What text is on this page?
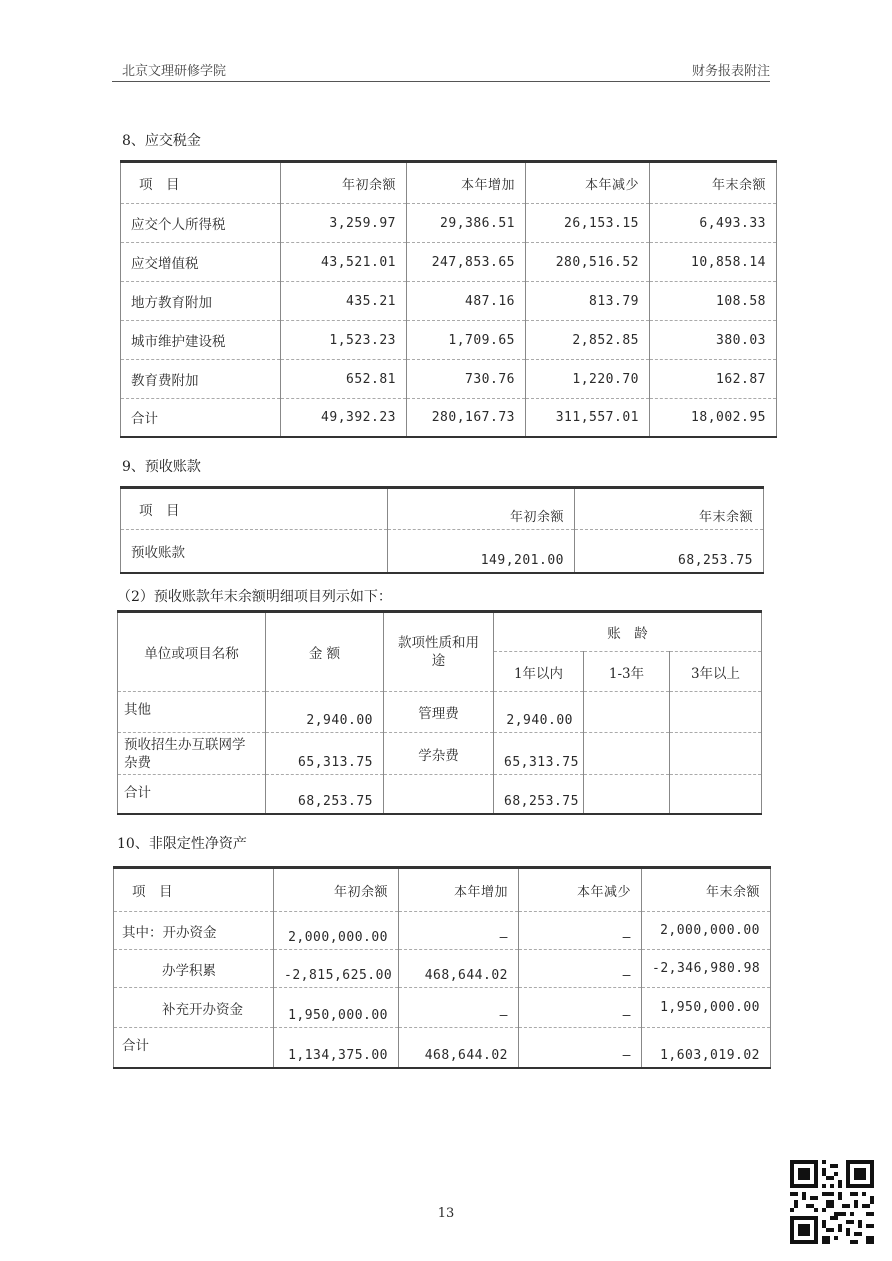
北京文理研修学院	财务报表附注
8、应交税金
项　目	年初余额	本年增加	本年减少	年末余额
应交个人所得税	3,259.97	29,386.51	26,153.15	6,493.33
应交增值税	43,521.01	247,853.65	280,516.52	10,858.14
地方教育附加	435.21	487.16	813.79	108.58
城市维护建设税	1,523.23	1,709.65	2,852.85	380.03
教育费附加	652.81	730.76	1,220.70	162.87
合计	49,392.23	280,167.73	311,557.01	18,002.95
9、预收账款
项　目	年初余额	年末余额
预收账款	149,201.00	68,253.75
（2）预收账款年末余额明细项目列示如下：
单位或项目名称	金 额	款项性质和用途	账　龄		
			1年以内	1-3年	3年以上
其他	2,940.00	管理费	2,940.00		
预收招生办互联网学杂费	65,313.75	学杂费	65,313.75		
合计	68,253.75		68,253.75		
10、非限定性净资产
项　目	年初余额	本年增加	本年减少	年末余额
其中：开办资金	2,000,000.00	–	–	2,000,000.00
办学积累	-2,815,625.00	468,644.02	–	-2,346,980.98
补充开办资金	1,950,000.00	–	–	1,950,000.00
合计	1,134,375.00	468,644.02	–	1,603,019.02
13
